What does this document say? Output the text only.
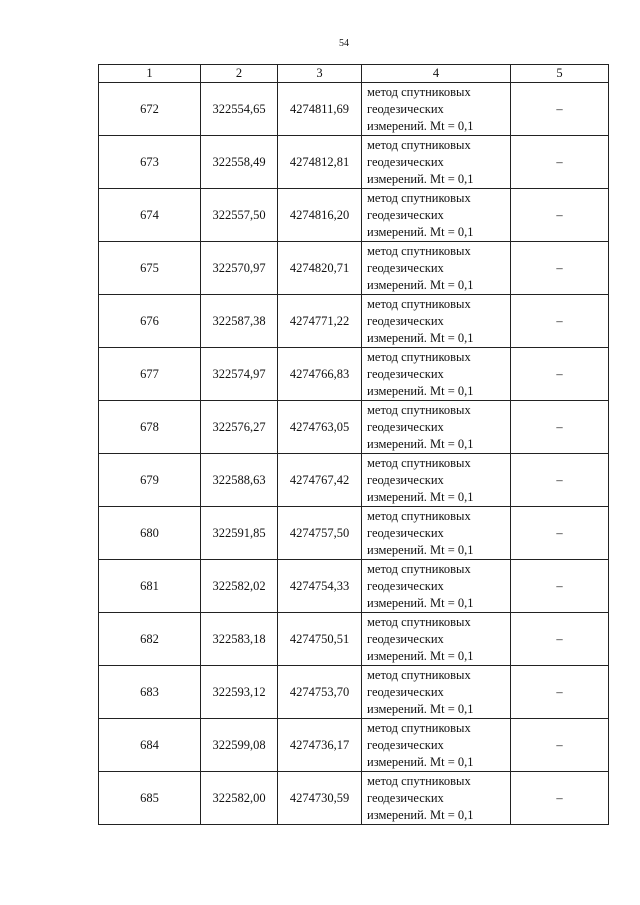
54
1	2	3	4	5
672	322554,65	4274811,69	метод спутниковых
геодезических
измерений. Mt = 0,1	–
673	322558,49	4274812,81	метод спутниковых
геодезических
измерений. Mt = 0,1	–
674	322557,50	4274816,20	метод спутниковых
геодезических
измерений. Mt = 0,1	–
675	322570,97	4274820,71	метод спутниковых
геодезических
измерений. Mt = 0,1	–
676	322587,38	4274771,22	метод спутниковых
геодезических
измерений. Mt = 0,1	–
677	322574,97	4274766,83	метод спутниковых
геодезических
измерений. Mt = 0,1	–
678	322576,27	4274763,05	метод спутниковых
геодезических
измерений. Mt = 0,1	–
679	322588,63	4274767,42	метод спутниковых
геодезических
измерений. Mt = 0,1	–
680	322591,85	4274757,50	метод спутниковых
геодезических
измерений. Mt = 0,1	–
681	322582,02	4274754,33	метод спутниковых
геодезических
измерений. Mt = 0,1	–
682	322583,18	4274750,51	метод спутниковых
геодезических
измерений. Mt = 0,1	–
683	322593,12	4274753,70	метод спутниковых
геодезических
измерений. Mt = 0,1	–
684	322599,08	4274736,17	метод спутниковых
геодезических
измерений. Mt = 0,1	–
685	322582,00	4274730,59	метод спутниковых
геодезических
измерений. Mt = 0,1	–
